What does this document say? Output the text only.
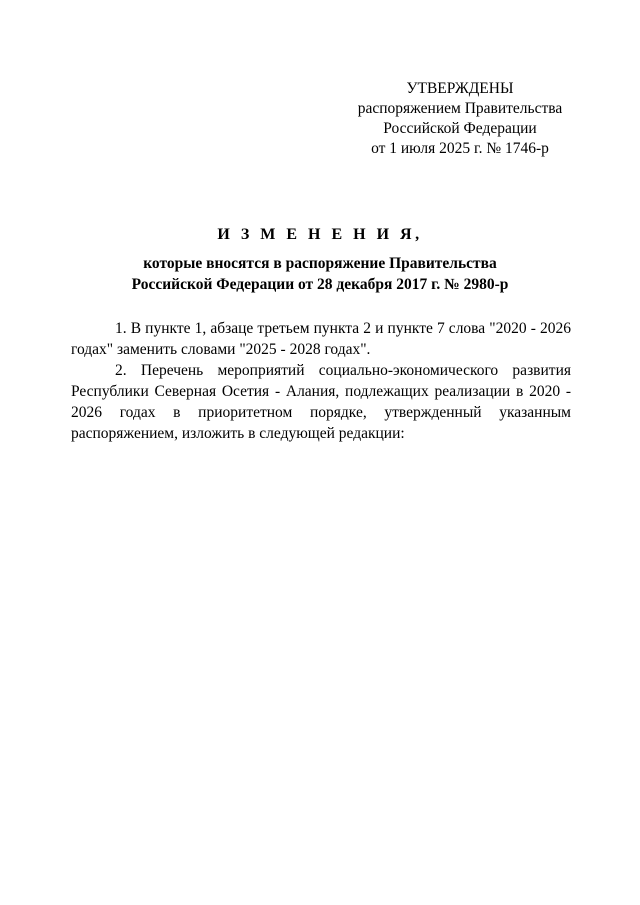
УТВЕРЖДЕНЫ
распоряжением Правительства
Российской Федерации
от 1 июля 2025 г. № 1746-р
И З М Е Н Е Н И Я,
которые вносятся в распоряжение Правительства
Российской Федерации от 28 декабря 2017 г. № 2980-р

1. В пункте 1, абзаце третьем пункта 2 и пункте 7 слова "2020 - 2026 годах" заменить словами "2025 - 2028 годах".

2. Перечень мероприятий социально-экономического развития Республики Северная Осетия - Алания, подлежащих реализации в 2020 - 2026 годах в приоритетном порядке, утвержденный указанным распоряжением, изложить в следующей редакции:
